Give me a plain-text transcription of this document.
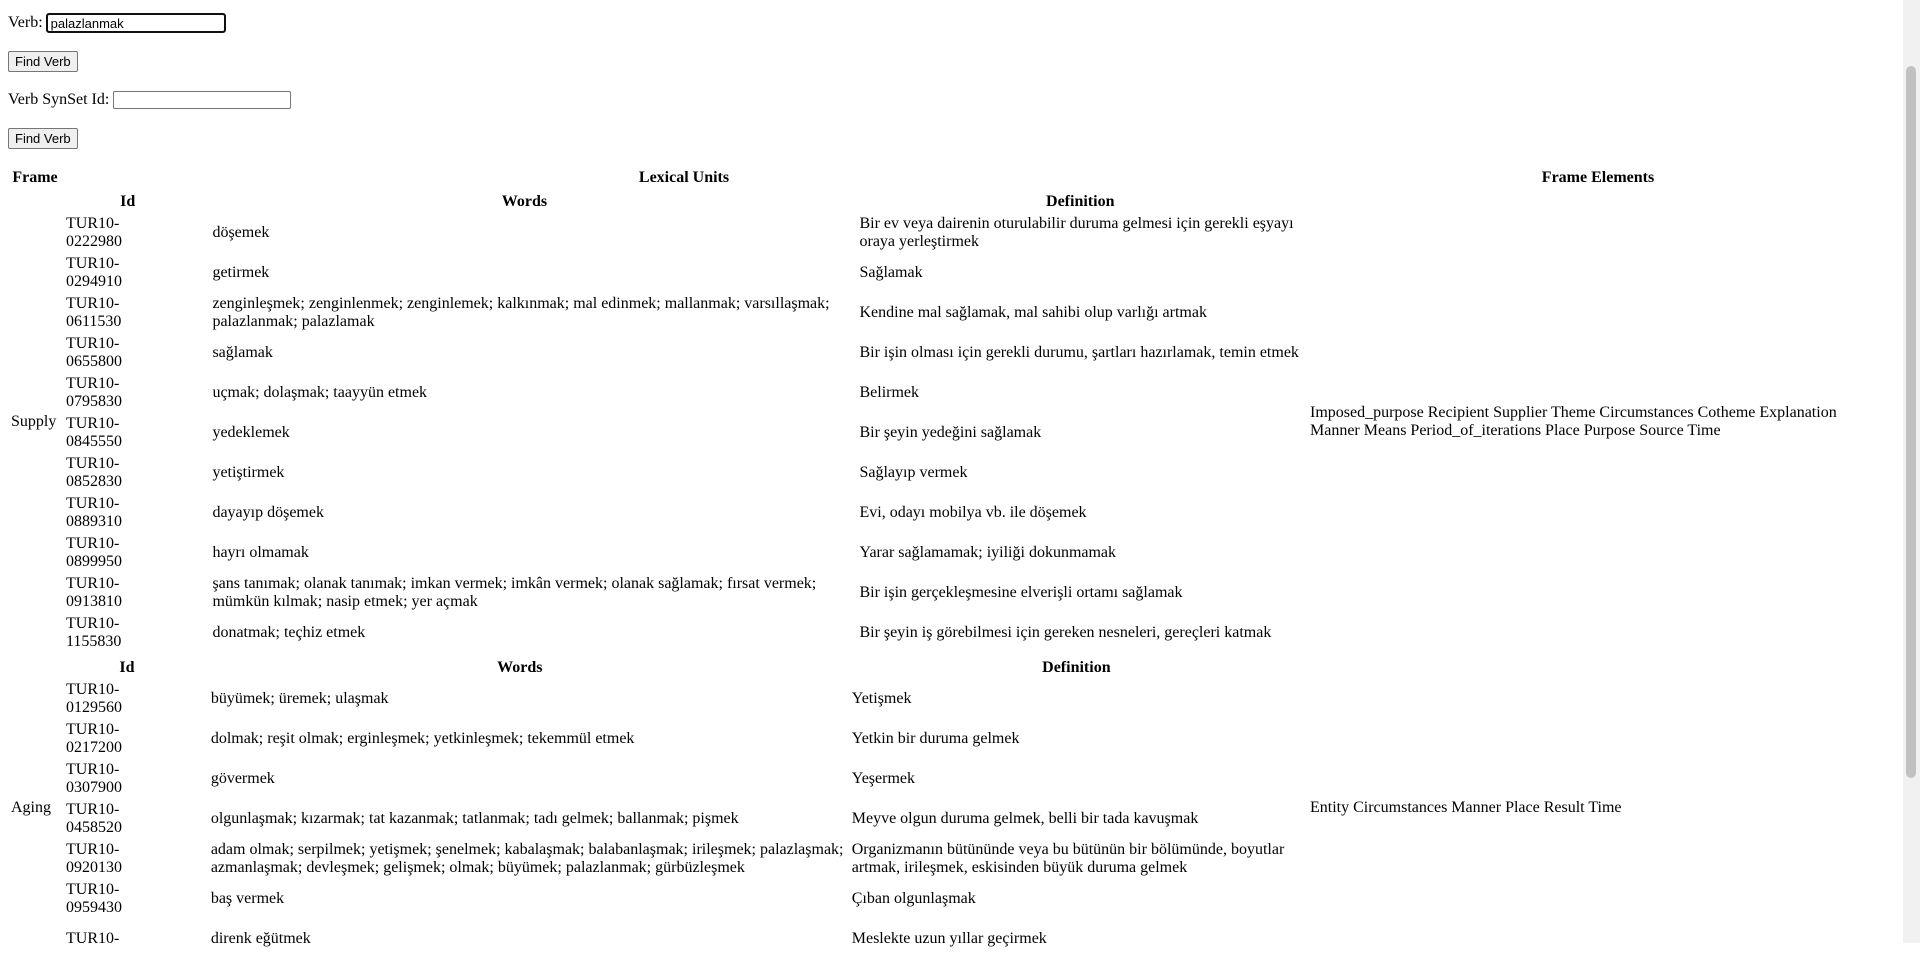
Verb:
palazlanmak
Find Verb
Verb SynSet Id:
Find Verb
Frame	Lexical Units	Frame Elements
Supply	
Id	Words	Definition

TUR10-0222980
	döşemek	Bir ev veya dairenin oturulabilir duruma gelmesi için gerekli eşyayı oraya yerleştirmek

TUR10-0294910
	getirmek	Sağlamak

TUR10-0611530
	zenginleşmek; zenginlenmek; zenginlemek; kalkınmak; mal edinmek; mallanmak; varsıllaşmak; palazlanmak; palazlamak	Kendine mal sağlamak, mal sahibi olup varlığı artmak

TUR10-0655800
	sağlamak	Bir işin olması için gerekli durumu, şartları hazırlamak, temin etmek

TUR10-0795830
	uçmak; dolaşmak; taayyün etmek	Belirmek

TUR10-0845550
	yedeklemek	Bir şeyin yedeğini sağlamak

TUR10-0852830
	yetiştirmek	Sağlayıp vermek

TUR10-0889310
	dayayıp döşemek	Evi, odayı mobilya vb. ile döşemek

TUR10-0899950
	hayrı olmamak	Yarar sağlamamak; iyiliği dokunmamak

TUR10-0913810
	şans tanımak; olanak tanımak; imkan vermek; imkân vermek; olanak sağlamak; fırsat vermek; mümkün kılmak; nasip etmek; yer açmak	Bir işin gerçekleşmesine elverişli ortamı sağlamak

TUR10-1155830
	donatmak; teçhiz etmek	Bir şeyin iş görebilmesi için gereken nesneleri, gereçleri katmak
	Imposed_purpose Recipient Supplier Theme Circumstances Cotheme Explanation Manner Means Period_of_iterations Place Purpose Source Time
Aging	
Id	Words	Definition

TUR10-0129560
	büyümek; üremek; ulaşmak	Yetişmek

TUR10-0217200
	dolmak; reşit olmak; erginleşmek; yetkinleşmek; tekemmül etmek	Yetkin bir duruma gelmek

TUR10-0307900
	gövermek	Yeşermek

TUR10-0458520
	olgunlaşmak; kızarmak; tat kazanmak; tatlanmak; tadı gelmek; ballanmak; pişmek	Meyve olgun duruma gelmek, belli bir tada kavuşmak

TUR10-0920130
	adam olmak; serpilmek; yetişmek; şenelmek; kabalaşmak; balabanlaşmak; irileşmek; palazlaşmak; azmanlaşmak; devleşmek; gelişmek; olmak; büyümek; palazlanmak; gürbüzleşmek	Organizmanın bütününde veya bu bütünün bir bölümünde, boyutlar artmak, irileşmek, eskisinden büyük duruma gelmek

TUR10-0959430
	baş vermek	Çıban olgunlaşmak

TUR10-	direnk eğütmek	Meslekte uzun yıllar geçirmek
	Entity Circumstances Manner Place Result Time
